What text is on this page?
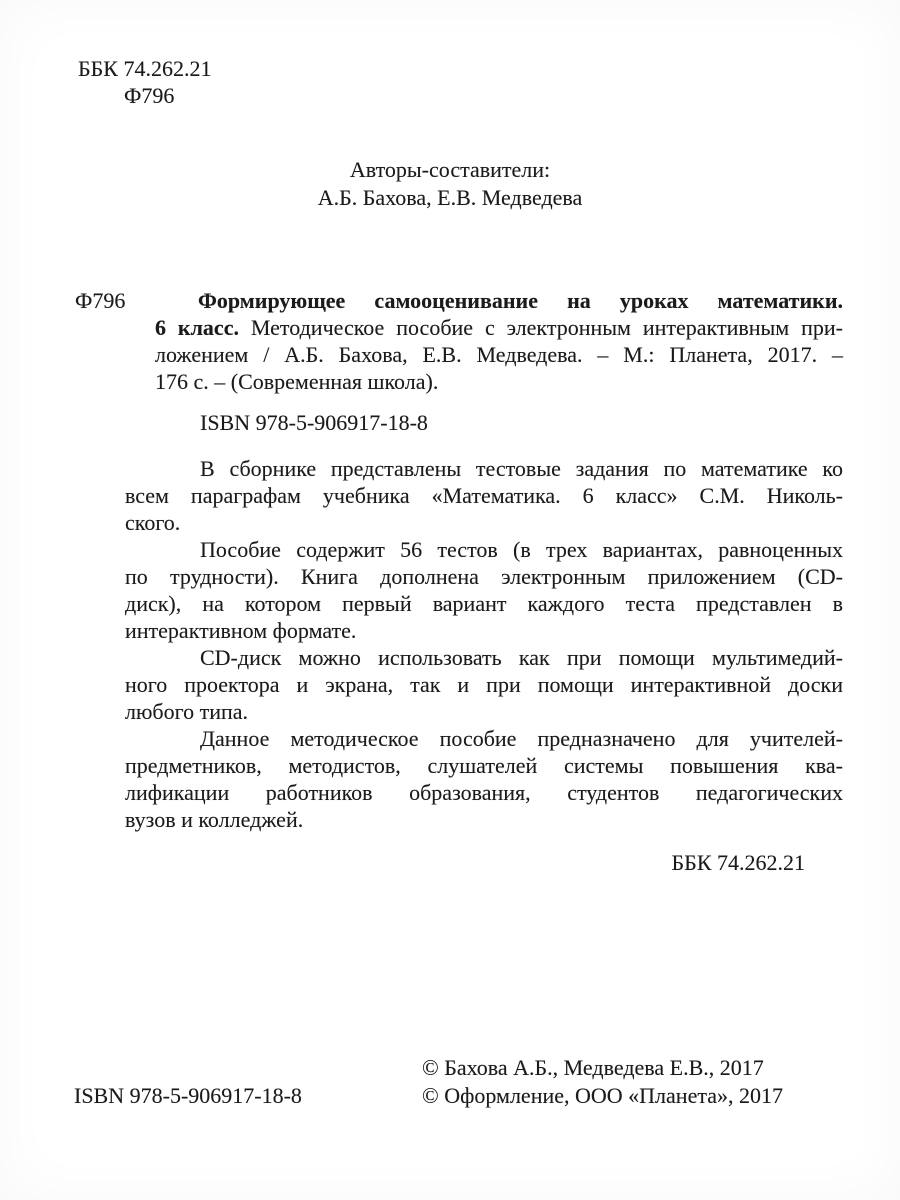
ББК 74.262.21
Ф796
Авторы-составители:
А.Б. Бахова, Е.В. Медведева
Ф796	Формирующее самооценивание на уроках математики.
6 класс. Методическое пособие с электронным интерактивным при-
ложением / А.Б. Бахова, Е.В. Медведева. – М.: Планета, 2017. –
176 с. – (Современная школа).
ISBN 978-5-906917-18-8
В сборнике представлены тестовые задания по математике ко
всем параграфам учебника «Математика. 6 класс» С.М. Николь-
ского.
Пособие содержит 56 тестов (в трех вариантах, равноценных
по трудности). Книга дополнена электронным приложением (CD-
диск), на котором первый вариант каждого теста представлен в
интерактивном формате.
CD-диск можно использовать как при помощи мультимедий-
ного проектора и экрана, так и при помощи интерактивной доски
любого типа.
Данное методическое пособие предназначено для учителей-
предметников, методистов, слушателей системы повышения ква-
лификации работников образования, студентов педагогических
вузов и колледжей.
ББК 74.262.21
ISBN 978-5-906917-18-8
© Бахова А.Б., Медведева Е.В., 2017
© Оформление, ООО «Планета», 2017
